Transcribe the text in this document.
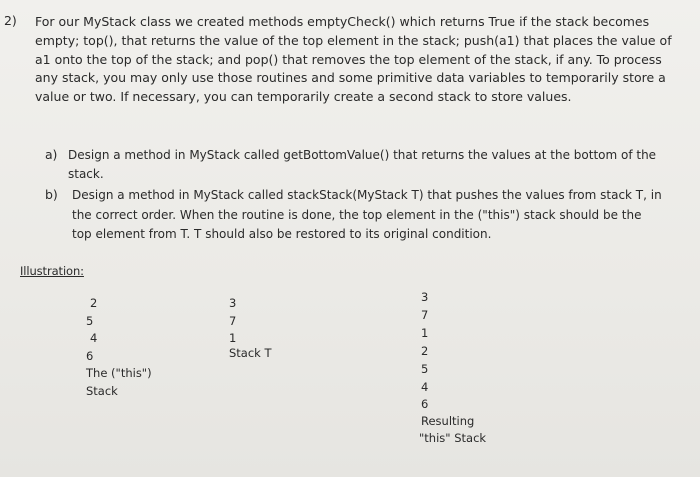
2) For our MyStack class we created methods emptyCheck() which returns True if the stack becomes
empty; top(), that returns the value of the top element in the stack; push(a1) that places the value of
a1 onto the top of the stack; and pop() that removes the top element of the stack, if any. To process
any stack, you may only use those routines and some primitive data variables to temporarily store a
value or two. If necessary, you can temporarily create a second stack to store values.
a) Design a method in MyStack called getBottomValue() that returns the values at the bottom of the
stack.
b) Design a method in MyStack called stackStack(MyStack T) that pushes the values from stack T, in
the correct order. When the routine is done, the top element in the ("this") stack should be the
top element from T. T should also be restored to its original condition.
Illustration:
2
5
4
6
The ("this")
Stack
3
7
1
Stack T
3
7
1
2
5
4
6
Resulting
"this" Stack
